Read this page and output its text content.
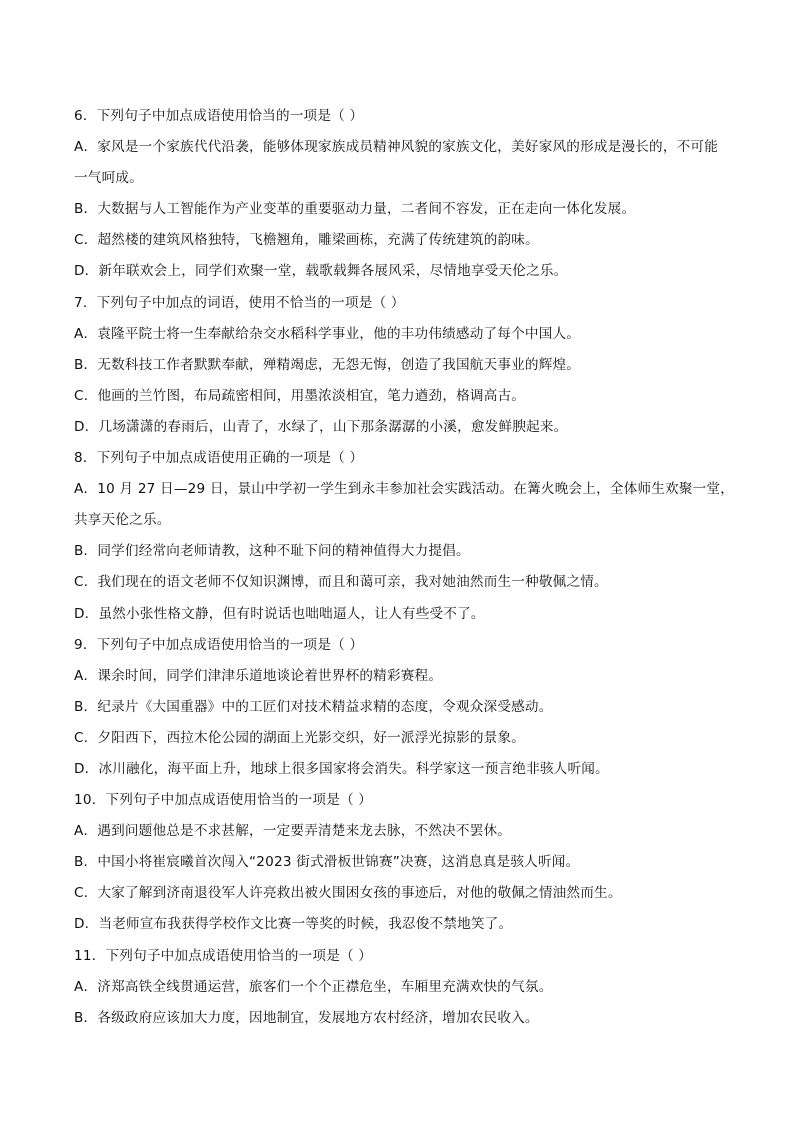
6．下列句子中加点成语使用恰当的一项是（ ）
A．家风是一个家族代代沿袭，能够体现家族成员精神风貌的家族文化，美好家风的形成是漫长的，不可能
一气呵成。
B．大数据与人工智能作为产业变革的重要驱动力量，二者间不容发，正在走向一体化发展。
C．超然楼的建筑风格独特，飞檐翘角，雕梁画栋，充满了传统建筑的韵味。
D．新年联欢会上，同学们欢聚一堂，载歌载舞各展风采，尽情地享受天伦之乐。
7．下列句子中加点的词语，使用不恰当的一项是（ ）
A．袁隆平院士将一生奉献给杂交水稻科学事业，他的丰功伟绩感动了每个中国人。
B．无数科技工作者默默奉献，殚精竭虑，无怨无悔，创造了我国航天事业的辉煌。
C．他画的兰竹图，布局疏密相间，用墨浓淡相宜，笔力遒劲，格调高古。
D．几场潇潇的春雨后，山青了，水绿了，山下那条潺潺的小溪，愈发鲜腴起来。
8．下列句子中加点成语使用正确的一项是（ ）
A．10 月 27 日—29 日，景山中学初一学生到永丰参加社会实践活动。在篝火晚会上，全体师生欢聚一堂，
共享天伦之乐。
B．同学们经常向老师请教，这种不耻下问的精神值得大力提倡。
C．我们现在的语文老师不仅知识渊博，而且和蔼可亲，我对她油然而生一种敬佩之情。
D．虽然小张性格文静，但有时说话也咄咄逼人，让人有些受不了。
9．下列句子中加点成语使用恰当的一项是（ ）
A．课余时间，同学们津津乐道地谈论着世界杯的精彩赛程。
B．纪录片《大国重器》中的工匠们对技术精益求精的态度，令观众深受感动。
C．夕阳西下，西拉木伦公园的湖面上光影交织，好一派浮光掠影的景象。
D．冰川融化，海平面上升，地球上很多国家将会消失。科学家这一预言绝非骇人听闻。
10．下列句子中加点成语使用恰当的一项是（ ）
A．遇到问题他总是不求甚解，一定要弄清楚来龙去脉，不然决不罢休。
B．中国小将崔宸曦首次闯入“2023 街式滑板世锦赛”决赛，这消息真是骇人听闻。
C．大家了解到济南退役军人许亮救出被火围困女孩的事迹后，对他的敬佩之情油然而生。
D．当老师宣布我获得学校作文比赛一等奖的时候，我忍俊不禁地笑了。
11．下列句子中加点成语使用恰当的一项是（ ）
A．济郑高铁全线贯通运营，旅客们一个个正襟危坐，车厢里充满欢快的气氛。
B．各级政府应该加大力度，因地制宜，发展地方农村经济，增加农民收入。
